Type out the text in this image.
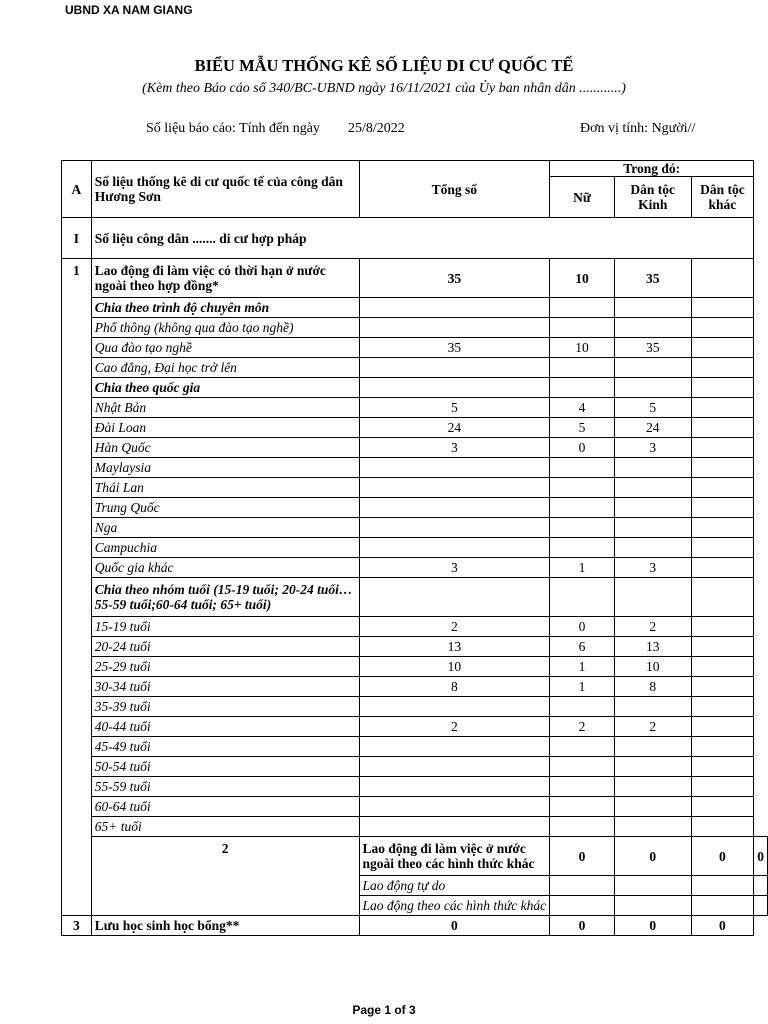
UBND XA NAM GIANG
BIỂU MẪU THỐNG KÊ SỐ LIỆU DI CƯ QUỐC TẾ
(Kèm theo Báo cáo số 340/BC-UBND ngày 16/11/2021 của Ủy ban nhân dân ............)
Số liệu báo cáo: Tính đến ngày 25/8/2022	Đơn vị tính: Người//
A	Số liệu thống kê di cư quốc tế của công dân Hương Sơn	Tổng số	Trong đó:			
			Nữ	Dân tộc Kinh	Dân tộc khác	
I	Số liệu công dân ....... di cư hợp pháp					
1	Lao động đi làm việc có thời hạn ở nước ngoài theo hợp đồng*	35	10	35		
	Chia theo trình độ chuyên môn					
	Phổ thông (không qua đào tạo nghề)					
	Qua đào tạo nghề	35	10	35		
	Cao đẳng, Đại học trở lên					
	Chia theo quốc gia					
	Nhật Bản	5	4	5		
	Đài Loan	24	5	24		
	Hàn Quốc	3	0	3		
	Maylaysia					
	Thái Lan					
	Trung Quốc					
	Nga					
	Campuchia					
	Quốc gia khác	3	1	3		
	Chia theo nhóm tuổi (15-19 tuổi; 20-24 tuổi… 55-59 tuổi;60-64 tuổi; 65+ tuổi)					
	15-19 tuổi	2	0	2		
	20-24 tuổi	13	6	13		
	25-29 tuổi	10	1	10		
	30-34 tuổi	8	1	8		
	35-39 tuổi					
	40-44 tuổi	2	2	2		
	45-49 tuổi					
	50-54 tuổi					
	55-59 tuổi					
	60-64 tuổi					
	65+ tuổi					
	2	Lao động đi làm việc ở nước ngoài theo các hình thức khác	0	0	0	0
		Lao động tự do				
		Lao động theo các hình thức khác				
3	Lưu học sinh học bổng**	0	0	0	0	
Page 1 of 3
